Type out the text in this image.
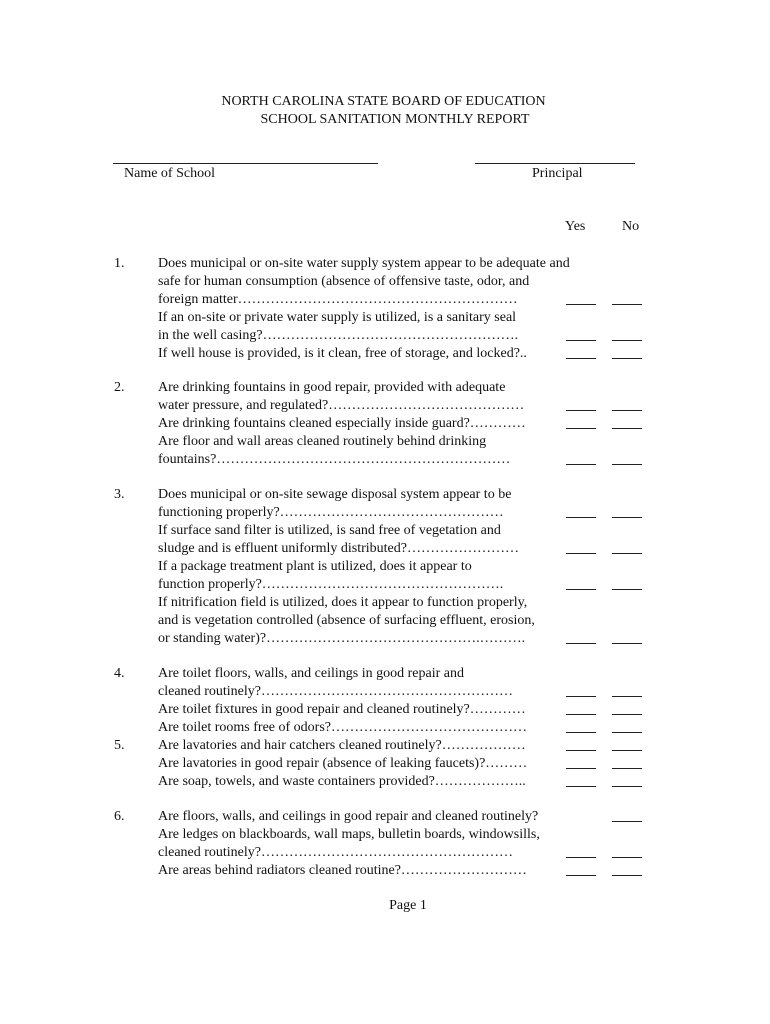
NORTH CAROLINA STATE BOARD OF EDUCATION
SCHOOL SANITATION MONTHLY REPORT
Name of School	Principal
Yes	No
1. Does municipal or on-site water supply system appear to be adequate and
safe for human consumption (absence of offensive taste, odor, and
foreign matter……………………………………………………
If an on-site or private water supply is utilized, is a sanitary seal
in the well casing?……………………………………………….
If well house is provided, is it clean, free of storage, and locked?..
2. Are drinking fountains in good repair, provided with adequate
water pressure, and regulated?……………………………………
Are drinking fountains cleaned especially inside guard?…………
Are floor and wall areas cleaned routinely behind drinking
fountains?………………………………………………………
3. Does municipal or on-site sewage disposal system appear to be
functioning properly?…………………………………………
If surface sand filter is utilized, is sand free of vegetation and
sludge and is effluent uniformly distributed?……………………
If a package treatment plant is utilized, does it appear to
function properly?…………………………………………….
If nitrification field is utilized, does it appear to function properly,
and is vegetation controlled (absence of surfacing effluent, erosion,
or standing water)?……………………………………….……….
4. Are toilet floors, walls, and ceilings in good repair and
cleaned routinely?………………………………………………
Are toilet fixtures in good repair and cleaned routinely?…………
Are toilet rooms free of odors?……………………………………
5. Are lavatories and hair catchers cleaned routinely?………………
Are lavatories in good repair (absence of leaking faucets)?………
Are soap, towels, and waste containers provided?………………..
6. Are floors, walls, and ceilings in good repair and cleaned routinely?
Are ledges on blackboards, wall maps, bulletin boards, windowsills,
cleaned routinely?………………………………………………
Are areas behind radiators cleaned routine?………………………
Page 1
